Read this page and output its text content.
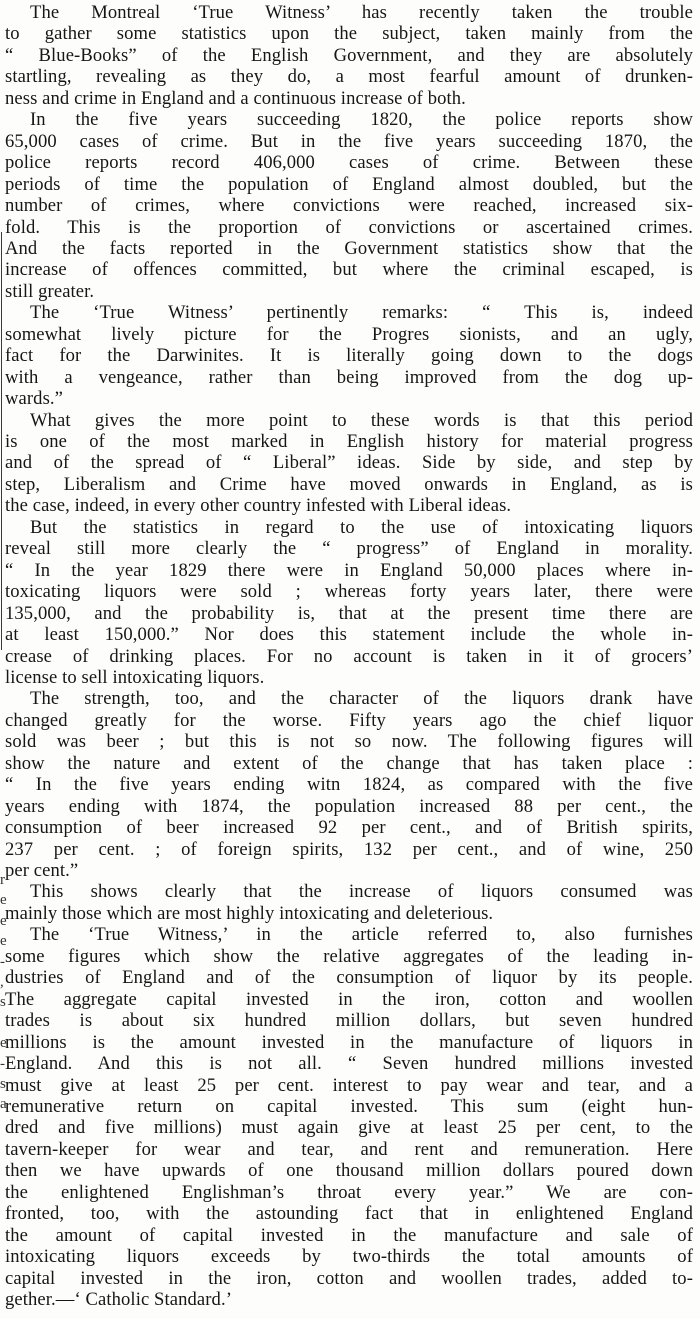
r
e
e
e
-
,
s
e
-
s
a
The Montreal ‘True Witness’ has recently taken the trouble
to gather some statistics upon the subject, taken mainly from the
“ Blue-Books” of the English Government, and they are absolutely
startling, revealing as they do, a most fearful amount of drunken-
ness and crime in England and a continuous increase of both.
In the five years succeeding 1820, the police reports show
65,000 cases of crime. But in the five years succeeding 1870, the
police reports record 406,000 cases of crime. Between these
periods of time the population of England almost doubled, but the
number of crimes, where convictions were reached, increased six-
fold. This is the proportion of convictions or ascertained crimes.
And the facts reported in the Government statistics show that the
increase of offences committed, but where the criminal escaped, is
still greater.
The ‘True Witness’ pertinently remarks: “ This is, indeed
somewhat lively picture for the Progres sionists, and an ugly,
fact for the Darwinites. It is literally going down to the dogs
with a vengeance, rather than being improved from the dog up-
wards.”
What gives the more point to these words is that this period
is one of the most marked in English history for material progress
and of the spread of “ Liberal” ideas. Side by side, and step by
step, Liberalism and Crime have moved onwards in England, as is
the case, indeed, in every other country infested with Liberal ideas.
But the statistics in regard to the use of intoxicating liquors
reveal still more clearly the “ progress” of England in morality.
“ In the year 1829 there were in England 50,000 places where in-
toxicating liquors were sold ; whereas forty years later, there were
135,000, and the probability is, that at the present time there are
at least 150,000.” Nor does this statement include the whole in-
crease of drinking places. For no account is taken in it of grocers’
license to sell intoxicating liquors.
The strength, too, and the character of the liquors drank have
changed greatly for the worse. Fifty years ago the chief liquor
sold was beer ; but this is not so now. The following figures will
show the nature and extent of the change that has taken place :
“ In the five years ending witn 1824, as compared with the five
years ending with 1874, the population increased 88 per cent., the
consumption of beer increased 92 per cent., and of British spirits,
237 per cent. ; of foreign spirits, 132 per cent., and of wine, 250
per cent.”
This shows clearly that the increase of liquors consumed was
mainly those which are most highly intoxicating and deleterious.
The ‘True Witness,’ in the article referred to, also furnishes
some figures which show the relative aggregates of the leading in-
dustries of England and of the consumption of liquor by its people.
The aggregate capital invested in the iron, cotton and woollen
trades is about six hundred million dollars, but seven hundred
millions is the amount invested in the manufacture of liquors in
England. And this is not all. “ Seven hundred millions invested
must give at least 25 per cent. interest to pay wear and tear, and a
remunerative return on capital invested. This sum (eight hun-
dred and five millions) must again give at least 25 per cent, to the
tavern-keeper for wear and tear, and rent and remuneration. Here
then we have upwards of one thousand million dollars poured down
the enlightened Englishman’s throat every year.” We are con-
fronted, too, with the astounding fact that in enlightened England
the amount of capital invested in the manufacture and sale of
intoxicating liquors exceeds by two-thirds the total amounts of
capital invested in the iron, cotton and woollen trades, added to-
gether.—‘ Catholic Standard.’
